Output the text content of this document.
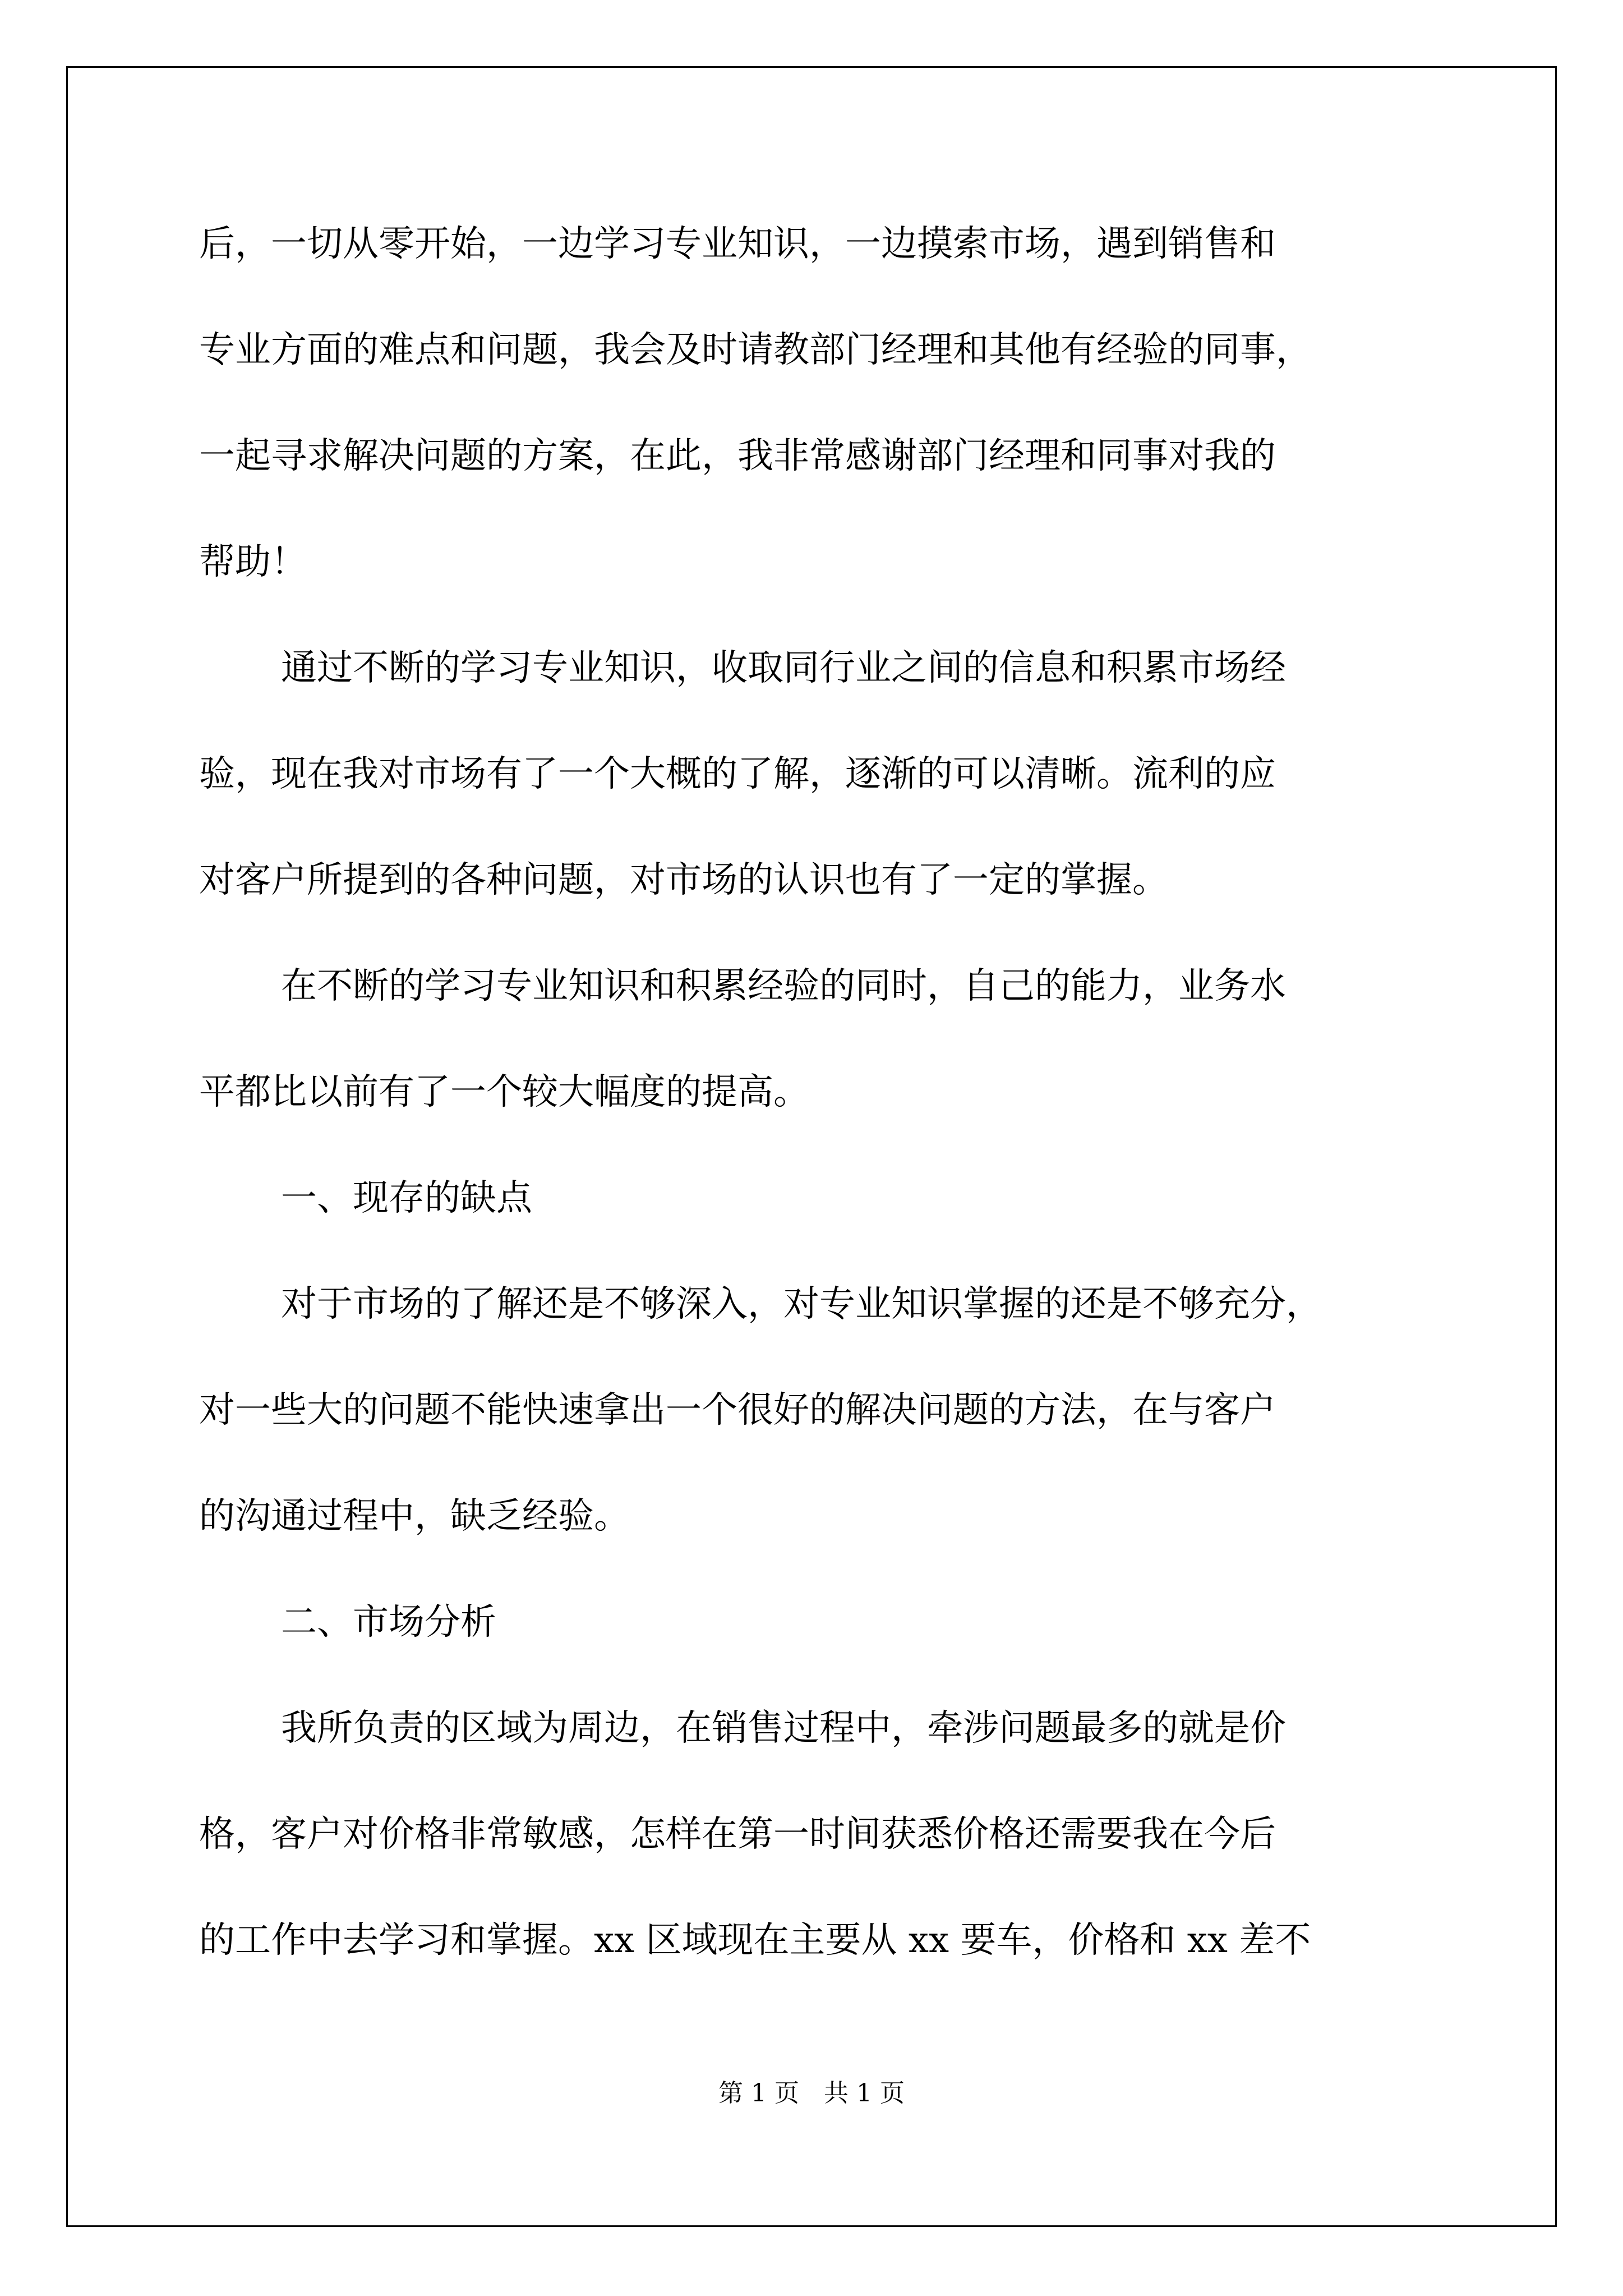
后，一切从零开始，一边学习专业知识，一边摸索市场，遇到销售和

专业方面的难点和问题，我会及时请教部门经理和其他有经验的同事，

一起寻求解决问题的方案，在此，我非常感谢部门经理和同事对我的

帮助！

通过不断的学习专业知识，收取同行业之间的信息和积累市场经

验，现在我对市场有了一个大概的了解，逐渐的可以清晰。流利的应

对客户所提到的各种问题，对市场的认识也有了一定的掌握。

在不断的学习专业知识和积累经验的同时，自己的能力，业务水

平都比以前有了一个较大幅度的提高。

一、现存的缺点

对于市场的了解还是不够深入，对专业知识掌握的还是不够充分，

对一些大的问题不能快速拿出一个很好的解决问题的方法，在与客户

的沟通过程中，缺乏经验。

二、市场分析

我所负责的区域为周边，在销售过程中，牵涉问题最多的就是价

格，客户对价格非常敏感，怎样在第一时间获悉价格还需要我在今后

的工作中去学习和掌握。xx 区域现在主要从 xx 要车，价格和 xx 差不

第 1 页　共 1 页
